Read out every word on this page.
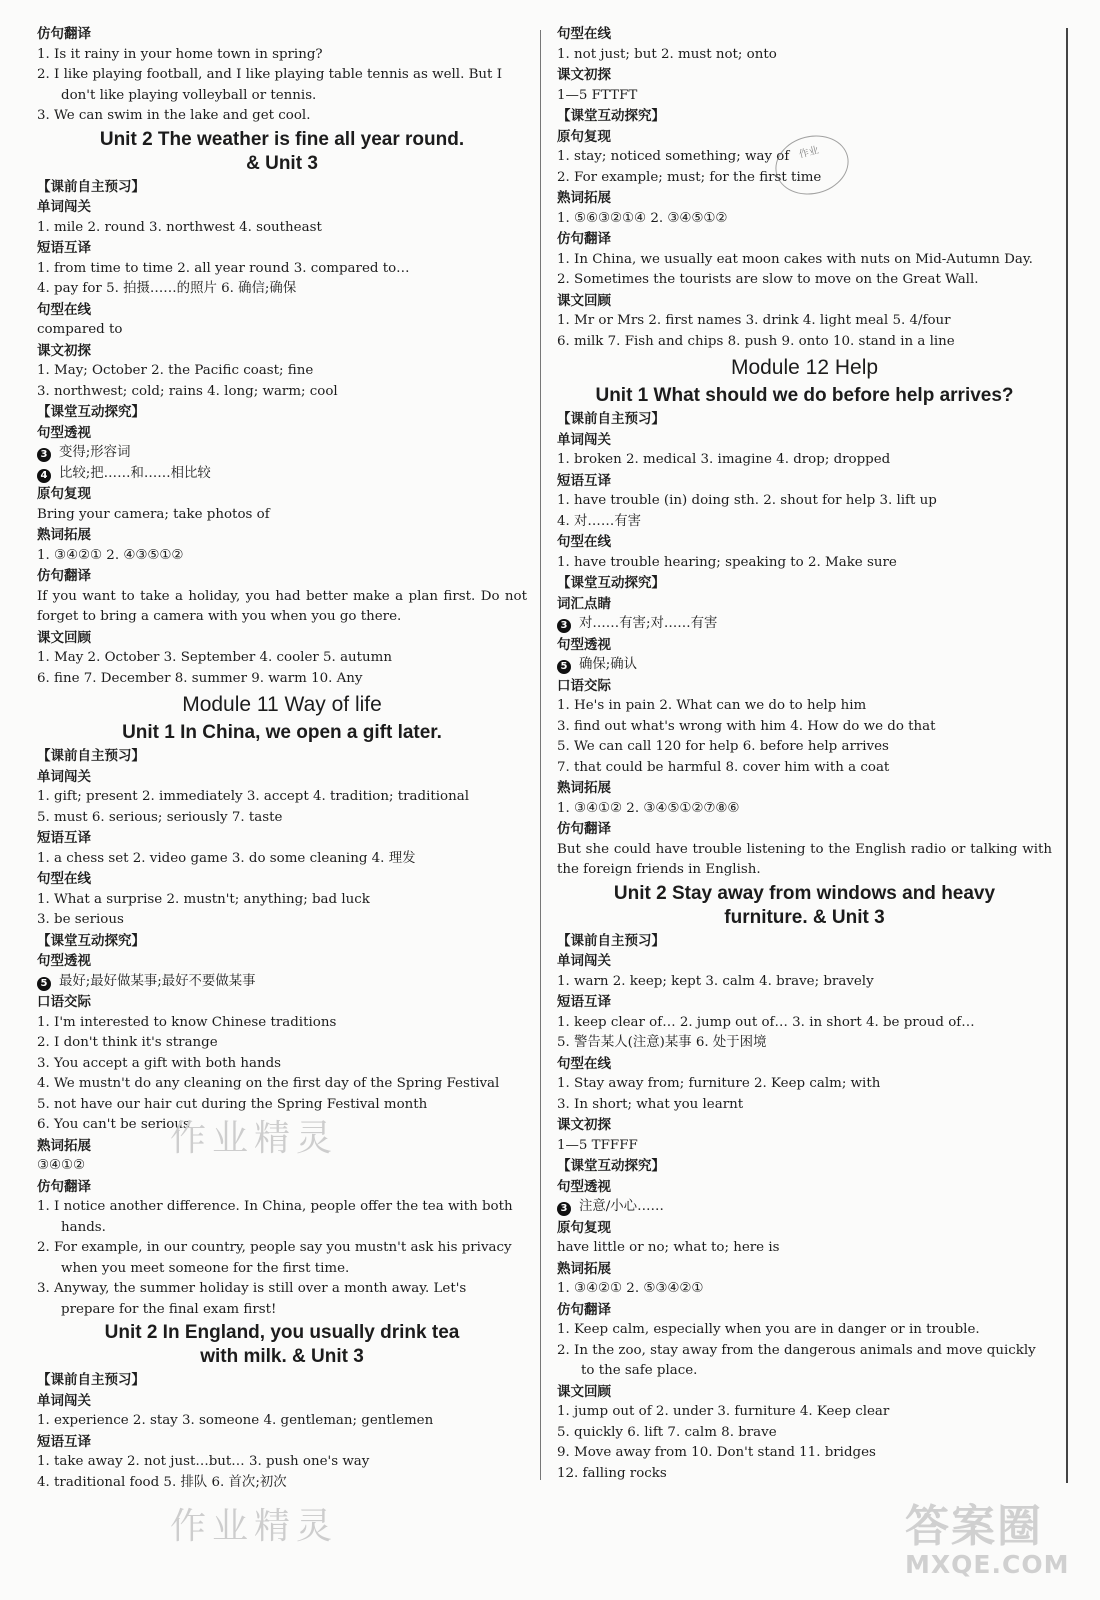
仿句翻译
1. Is it rainy in your home town in spring?
2. I like playing football, and I like playing table tennis as well. But I
don't like playing volleyball or tennis.
3. We can swim in the lake and get cool.
Unit 2 The weather is fine all year round.
& Unit 3
【课前自主预习】
单词闯关
1. mile 2. round 3. northwest 4. southeast
短语互译
1. from time to time 2. all year round 3. compared to…
4. pay for 5. 拍摄……的照片 6. 确信;确保
句型在线
compared to
课文初探
1. May; October 2. the Pacific coast; fine
3. northwest; cold; rains 4. long; warm; cool
【课堂互动探究】
句型透视
3 变得;形容词
4 比较;把……和……相比较
原句复现
Bring your camera; take photos of
熟词拓展
1. ③④②① 2. ④③⑤①②
仿句翻译
If you want to take a holiday, you had better make a plan first. Do not forget to bring a camera with you when you go there.
课文回顾
1. May 2. October 3. September 4. cooler 5. autumn
6. fine 7. December 8. summer 9. warm 10. Any
Module 11 Way of life
Unit 1 In China, we open a gift later.
【课前自主预习】
单词闯关
1. gift; present 2. immediately 3. accept 4. tradition; traditional
5. must 6. serious; seriously 7. taste
短语互译
1. a chess set 2. video game 3. do some cleaning 4. 理发
句型在线
1. What a surprise 2. mustn't; anything; bad luck
3. be serious
【课堂互动探究】
句型透视
5 最好;最好做某事;最好不要做某事
口语交际
1. I'm interested to know Chinese traditions
2. I don't think it's strange
3. You accept a gift with both hands
4. We mustn't do any cleaning on the first day of the Spring Festival
5. not have our hair cut during the Spring Festival month
6. You can't be serious
熟词拓展
③④①②
仿句翻译
1. I notice another difference. In China, people offer the tea with both
hands.
2. For example, in our country, people say you mustn't ask his privacy
when you meet someone for the first time.
3. Anyway, the summer holiday is still over a month away. Let's
prepare for the final exam first!
Unit 2 In England, you usually drink tea
with milk. & Unit 3
【课前自主预习】
单词闯关
1. experience 2. stay 3. someone 4. gentleman; gentlemen
短语互译
1. take away 2. not just…but… 3. push one's way
4. traditional food 5. 排队 6. 首次;初次
句型在线
1. not just; but 2. must not; onto
课文初探
1—5 FTTFT
【课堂互动探究】
原句复现
1. stay; noticed something; way of
2. For example; must; for the first time
熟词拓展
1. ⑤⑥③②①④ 2. ③④⑤①②
仿句翻译
1. In China, we usually eat moon cakes with nuts on Mid-Autumn Day.
2. Sometimes the tourists are slow to move on the Great Wall.
课文回顾
1. Mr or Mrs 2. first names 3. drink 4. light meal 5. 4/four
6. milk 7. Fish and chips 8. push 9. onto 10. stand in a line
Module 12 Help
Unit 1 What should we do before help arrives?
【课前自主预习】
单词闯关
1. broken 2. medical 3. imagine 4. drop; dropped
短语互译
1. have trouble (in) doing sth. 2. shout for help 3. lift up
4. 对……有害
句型在线
1. have trouble hearing; speaking to 2. Make sure
【课堂互动探究】
词汇点睛
3 对……有害;对……有害
句型透视
5 确保;确认
口语交际
1. He's in pain 2. What can we do to help him
3. find out what's wrong with him 4. How do we do that
5. We can call 120 for help 6. before help arrives
7. that could be harmful 8. cover him with a coat
熟词拓展
1. ③④①② 2. ③④⑤①②⑦⑧⑥
仿句翻译
But she could have trouble listening to the English radio or talking with the foreign friends in English.
Unit 2 Stay away from windows and heavy
furniture. & Unit 3
【课前自主预习】
单词闯关
1. warn 2. keep; kept 3. calm 4. brave; bravely
短语互译
1. keep clear of… 2. jump out of… 3. in short 4. be proud of…
5. 警告某人(注意)某事 6. 处于困境
句型在线
1. Stay away from; furniture 2. Keep calm; with
3. In short; what you learnt
课文初探
1—5 TFFFF
【课堂互动探究】
句型透视
3 注意/小心……
原句复现
have little or no; what to; here is
熟词拓展
1. ③④②① 2. ⑤③④②①
仿句翻译
1. Keep calm, especially when you are in danger or in trouble.
2. In the zoo, stay away from the dangerous animals and move quickly
to the safe place.
课文回顾
1. jump out of 2. under 3. furniture 4. Keep clear
5. quickly 6. lift 7. calm 8. brave
9. Move away from 10. Don't stand 11. bridges
12. falling rocks
作业精灵
作业精灵
作业
答案圈
MXQE.COM
